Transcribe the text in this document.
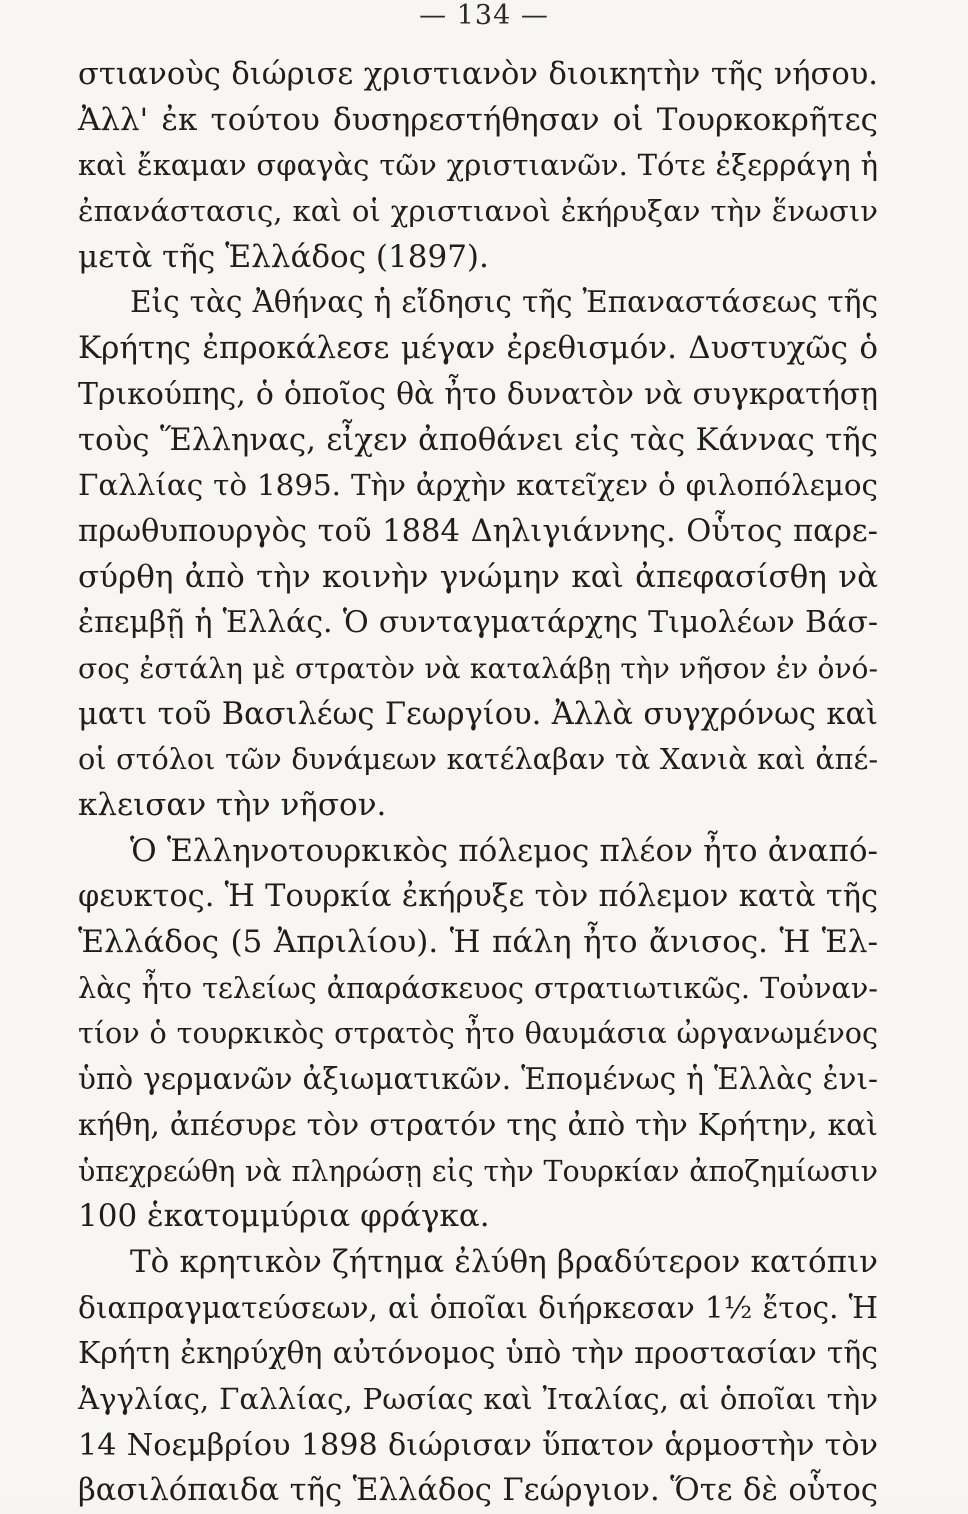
— 134 —
στιανοὺς διώρισε χριστιανὸν διοικητὴν τῆς νήσου.
Ἀλλ' ἐκ τούτου δυσηρεστήθησαν οἱ Τουρκοκρῆτες
καὶ ἔκαμαν σφαγὰς τῶν χριστιανῶν. Τότε ἐξερράγη ἡ
ἐπανάστασις, καὶ οἱ χριστιανοὶ ἐκήρυξαν τὴν ἕνωσιν
μετὰ τῆς Ἑλλάδος (1897).
Εἰς τὰς Ἀθήνας ἡ εἴδησις τῆς Ἐπαναστάσεως τῆς
Κρήτης ἐπροκάλεσε μέγαν ἐρεθισμόν. Δυστυχῶς ὁ
Τρικούπης, ὁ ὁποῖος θὰ ἦτο δυνατὸν νὰ συγκρατήσῃ
τοὺς Ἕλληνας, εἶχεν ἀποθάνει εἰς τὰς Κάννας τῆς
Γαλλίας τὸ 1895. Τὴν ἀρχὴν κατεῖχεν ὁ φιλοπόλεμος
πρωθυπουργὸς τοῦ 1884 Δηλιγιάννης. Οὗτος παρε-
σύρθη ἀπὸ τὴν κοινὴν γνώμην καὶ ἀπεφασίσθη νὰ
ἐπεμβῇ ἡ Ἑλλάς. Ὁ συνταγματάρχης Τιμολέων Βάσ-
σος ἐστάλη μὲ στρατὸν νὰ καταλάβῃ τὴν νῆσον ἐν ὀνό-
ματι τοῦ Βασιλέως Γεωργίου. Ἀλλὰ συγχρόνως καὶ
οἱ στόλοι τῶν δυνάμεων κατέλαβαν τὰ Χανιὰ καὶ ἀπέ-
κλεισαν τὴν νῆσον.
Ὁ Ἑλληνοτουρκικὸς πόλεμος πλέον ἦτο ἀναπό-
φευκτος. Ἡ Τουρκία ἐκήρυξε τὸν πόλεμον κατὰ τῆς
Ἑλλάδος (5 Ἀπριλίου). Ἡ πάλη ἦτο ἄνισος. Ἡ Ἑλ-
λὰς ἦτο τελείως ἀπαράσκευος στρατιωτικῶς. Τοὐναν-
τίον ὁ τουρκικὸς στρατὸς ἦτο θαυμάσια ὠργανωμένος
ὑπὸ γερμανῶν ἀξιωματικῶν. Ἑπομένως ἡ Ἑλλὰς ἐνι-
κήθη, ἀπέσυρε τὸν στρατόν της ἀπὸ τὴν Κρήτην, καὶ
ὑπεχρεώθη νὰ πληρώσῃ εἰς τὴν Τουρκίαν ἀποζημίωσιν
100 ἑκατομμύρια φράγκα.
Τὸ κρητικὸν ζήτημα ἐλύθη βραδύτερον κατόπιν
διαπραγματεύσεων, αἱ ὁποῖαι διήρκεσαν 1½ ἔτος. Ἡ
Κρήτη ἐκηρύχθη αὐτόνομος ὑπὸ τὴν προστασίαν τῆς
Ἀγγλίας, Γαλλίας, Ρωσίας καὶ Ἰταλίας, αἱ ὁποῖαι τὴν
14 Νοεμβρίου 1898 διώρισαν ὕπατον ἁρμοστὴν τὸν
βασιλόπαιδα τῆς Ἑλλάδος Γεώργιον. Ὅτε δὲ οὗτος
